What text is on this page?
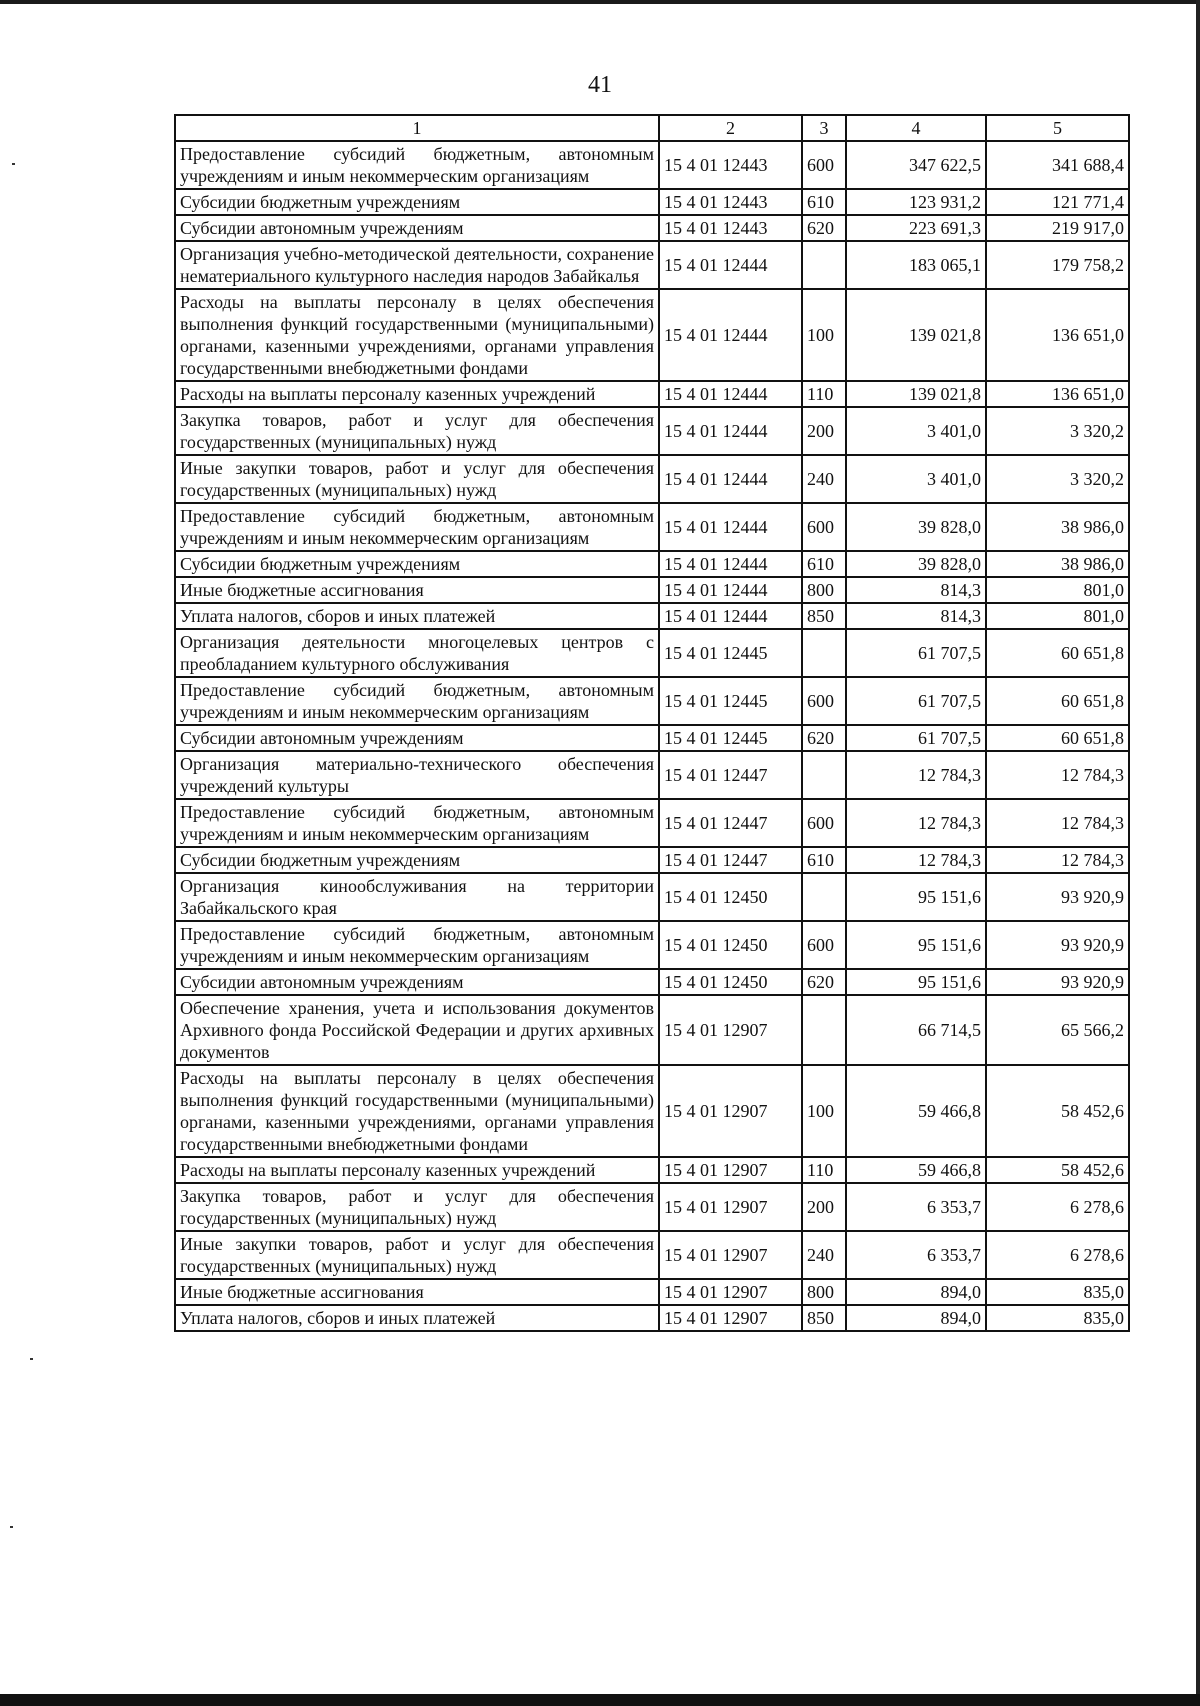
41
1	2	3	4	5
Предоставление субсидий бюджетным, автономным учреждениям и иным некоммерческим организациям	15 4 01 12443	600	347 622,5	341 688,4
Субсидии бюджетным учреждениям	15 4 01 12443	610	123 931,2	121 771,4
Субсидии автономным учреждениям	15 4 01 12443	620	223 691,3	219 917,0
Организация учебно-методической деятельности, сохранение нематериального культурного наследия народов Забайкалья	15 4 01 12444		183 065,1	179 758,2
Расходы на выплаты персоналу в целях обеспечения выполнения функций государственными (муниципальными) органами, казенными учреждениями, органами управления государственными внебюджетными фондами	15 4 01 12444	100	139 021,8	136 651,0
Расходы на выплаты персоналу казенных учреждений	15 4 01 12444	110	139 021,8	136 651,0
Закупка товаров, работ и услуг для обеспечения государственных (муниципальных) нужд	15 4 01 12444	200	3 401,0	3 320,2
Иные закупки товаров, работ и услуг для обеспечения государственных (муниципальных) нужд	15 4 01 12444	240	3 401,0	3 320,2
Предоставление субсидий бюджетным, автономным учреждениям и иным некоммерческим организациям	15 4 01 12444	600	39 828,0	38 986,0
Субсидии бюджетным учреждениям	15 4 01 12444	610	39 828,0	38 986,0
Иные бюджетные ассигнования	15 4 01 12444	800	814,3	801,0
Уплата налогов, сборов и иных платежей	15 4 01 12444	850	814,3	801,0
Организация деятельности многоцелевых центров с преобладанием культурного обслуживания	15 4 01 12445		61 707,5	60 651,8
Предоставление субсидий бюджетным, автономным учреждениям и иным некоммерческим организациям	15 4 01 12445	600	61 707,5	60 651,8
Субсидии автономным учреждениям	15 4 01 12445	620	61 707,5	60 651,8
Организация материально-технического обеспечения учреждений культуры	15 4 01 12447		12 784,3	12 784,3
Предоставление субсидий бюджетным, автономным учреждениям и иным некоммерческим организациям	15 4 01 12447	600	12 784,3	12 784,3
Субсидии бюджетным учреждениям	15 4 01 12447	610	12 784,3	12 784,3
Организация кинообслуживания на территории Забайкальского края	15 4 01 12450		95 151,6	93 920,9
Предоставление субсидий бюджетным, автономным учреждениям и иным некоммерческим организациям	15 4 01 12450	600	95 151,6	93 920,9
Субсидии автономным учреждениям	15 4 01 12450	620	95 151,6	93 920,9
Обеспечение хранения, учета и использования документов Архивного фонда Российской Федерации и других архивных документов	15 4 01 12907		66 714,5	65 566,2
Расходы на выплаты персоналу в целях обеспечения выполнения функций государственными (муниципальными) органами, казенными учреждениями, органами управления государственными внебюджетными фондами	15 4 01 12907	100	59 466,8	58 452,6
Расходы на выплаты персоналу казенных учреждений	15 4 01 12907	110	59 466,8	58 452,6
Закупка товаров, работ и услуг для обеспечения государственных (муниципальных) нужд	15 4 01 12907	200	6 353,7	6 278,6
Иные закупки товаров, работ и услуг для обеспечения государственных (муниципальных) нужд	15 4 01 12907	240	6 353,7	6 278,6
Иные бюджетные ассигнования	15 4 01 12907	800	894,0	835,0
Уплата налогов, сборов и иных платежей	15 4 01 12907	850	894,0	835,0
